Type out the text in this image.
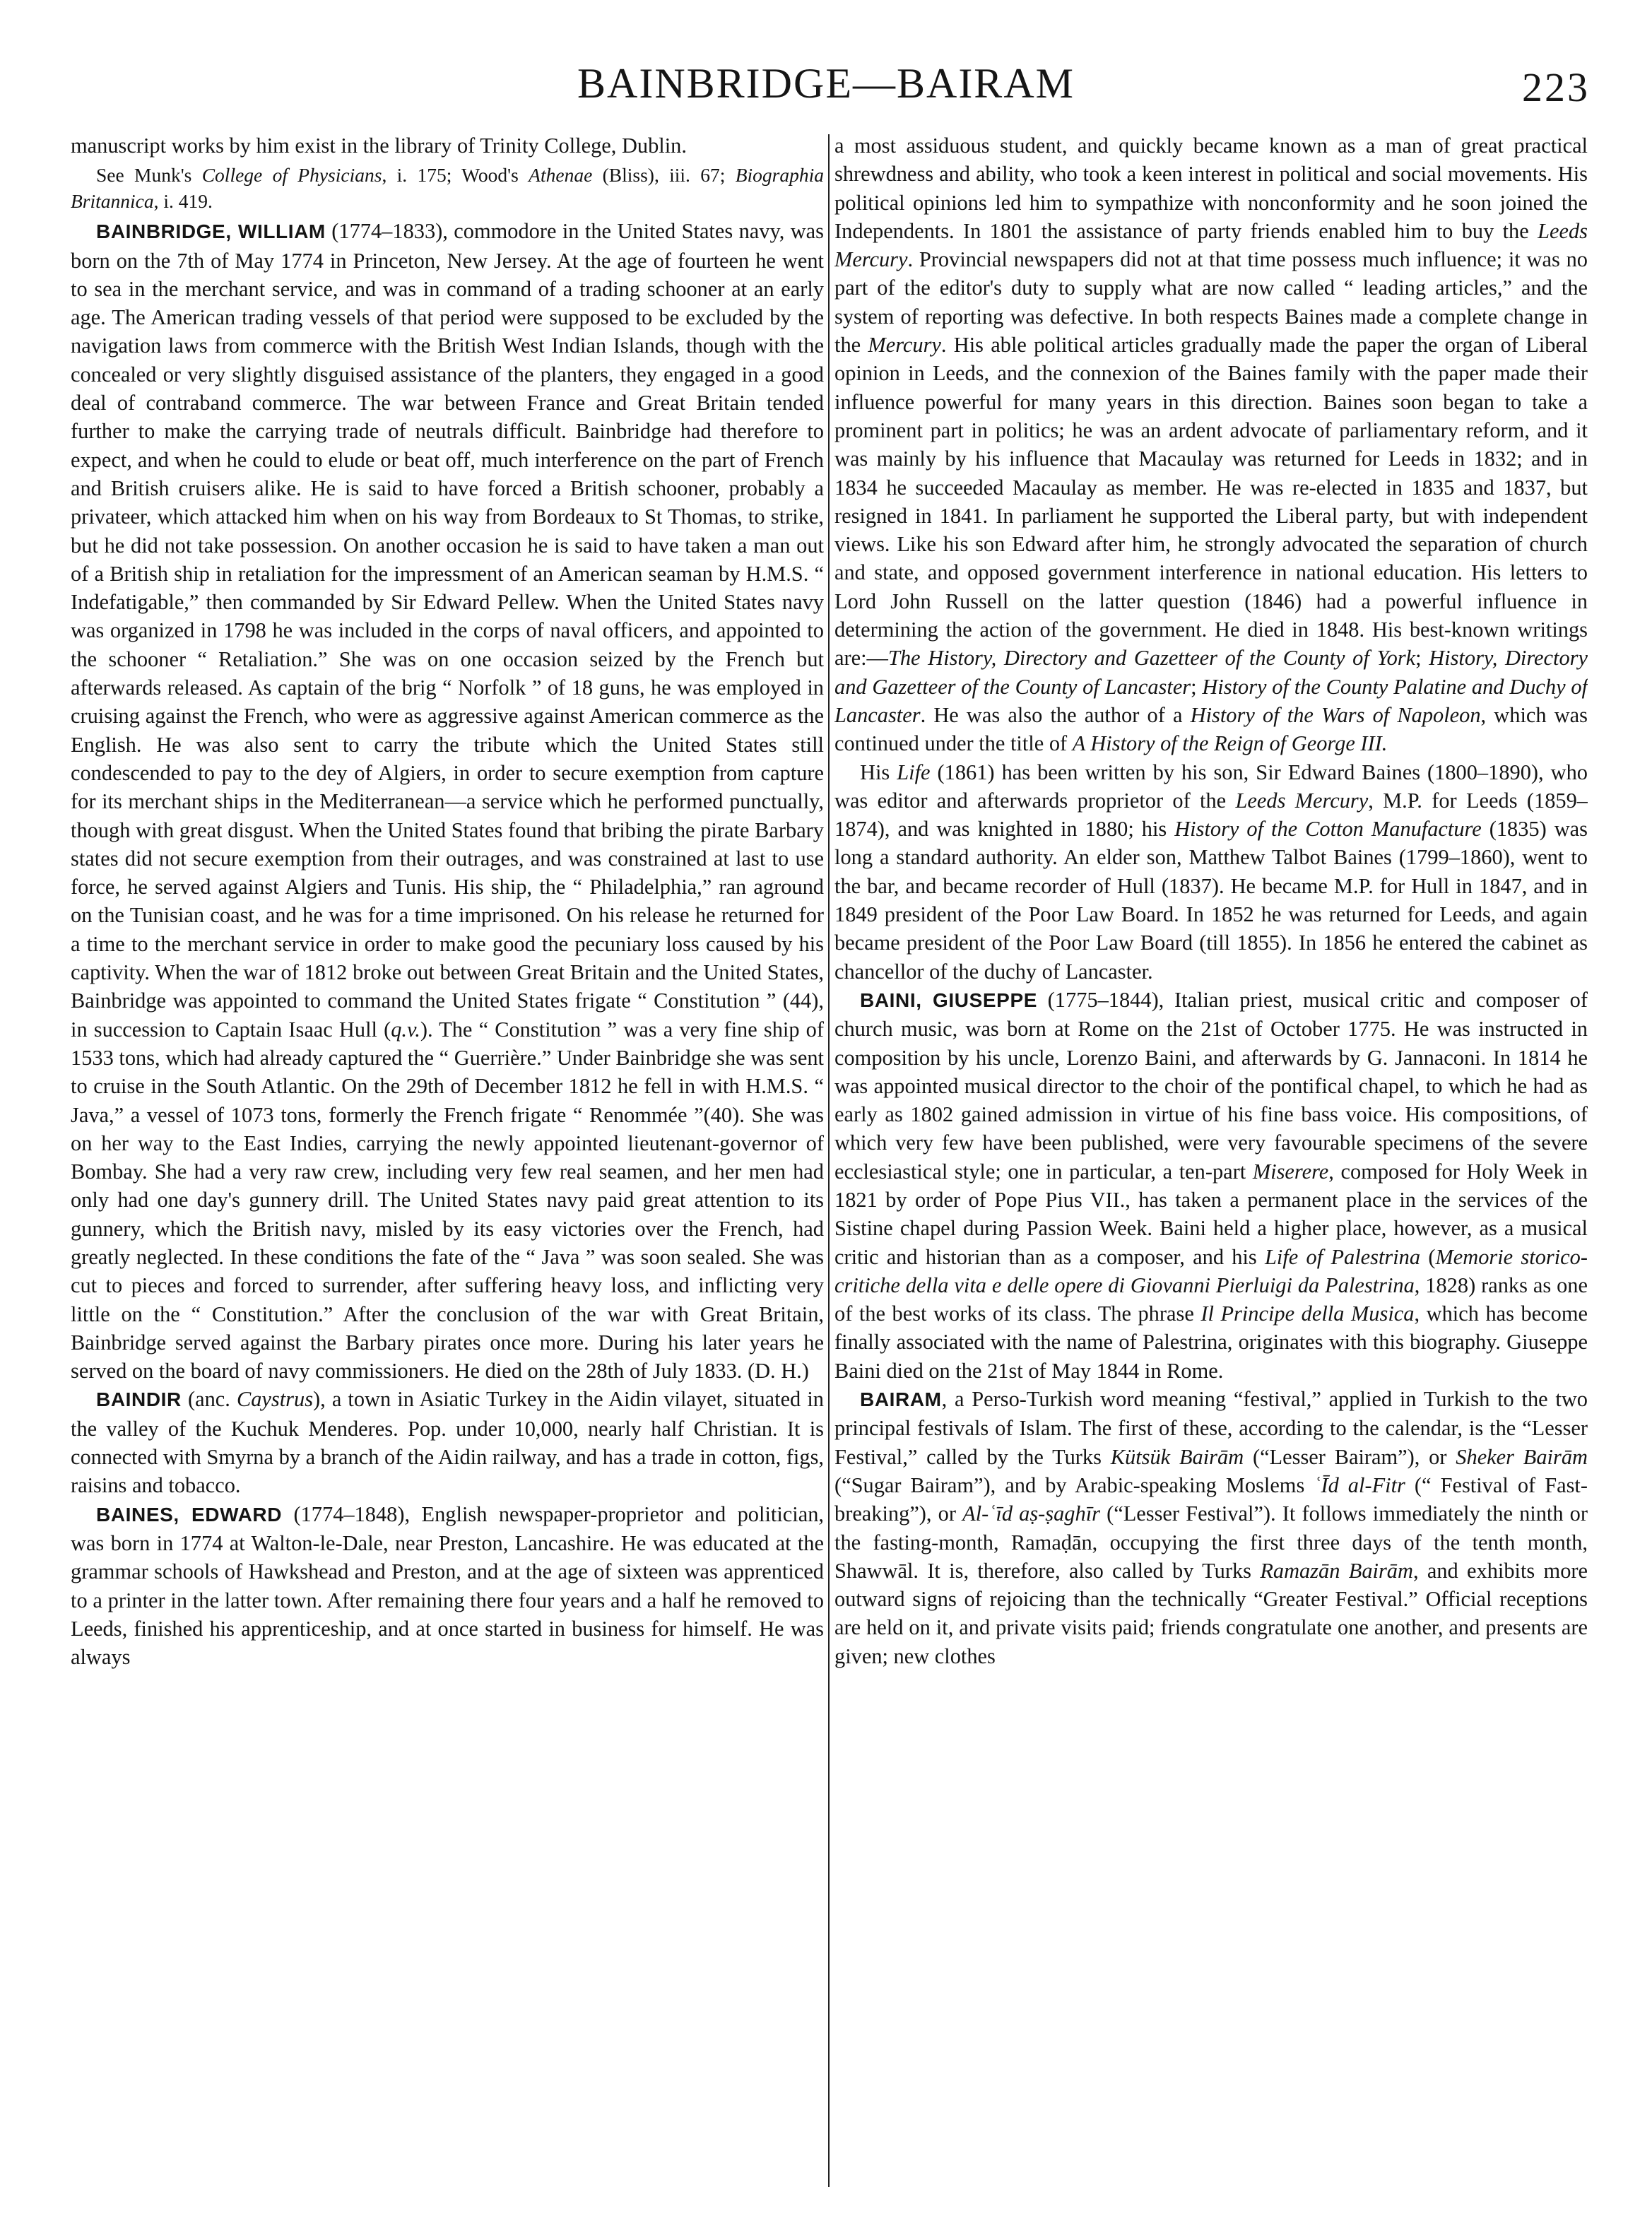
BAINBRIDGE—BAIRAM	223

manuscript works by him exist in the library of Trinity College, Dublin.

See Munk's College of Physicians, i. 175; Wood's Athenae (Bliss), iii. 67; Biographia Britannica, i. 419.

BAINBRIDGE, WILLIAM (1774–1833), commodore in the United States navy, was born on the 7th of May 1774 in Princeton, New Jersey. At the age of fourteen he went to sea in the merchant service, and was in command of a trading schooner at an early age. The American trading vessels of that period were supposed to be excluded by the navigation laws from commerce with the British West Indian Islands, though with the concealed or very slightly disguised assistance of the planters, they engaged in a good deal of contraband commerce. The war between France and Great Britain tended further to make the carrying trade of neutrals difficult. Bainbridge had therefore to expect, and when he could to elude or beat off, much interference on the part of French and British cruisers alike. He is said to have forced a British schooner, probably a privateer, which attacked him when on his way from Bordeaux to St Thomas, to strike, but he did not take possession. On another occasion he is said to have taken a man out of a British ship in retaliation for the impressment of an American seaman by H.M.S. “ Indefatigable,” then commanded by Sir Edward Pellew. When the United States navy was organized in 1798 he was included in the corps of naval officers, and appointed to the schooner “ Retaliation.” She was on one occasion seized by the French but afterwards released. As captain of the brig “ Norfolk ” of 18 guns, he was employed in cruising against the French, who were as aggressive against American commerce as the English. He was also sent to carry the tribute which the United States still condescended to pay to the dey of Algiers, in order to secure exemption from capture for its merchant ships in the Mediterranean—a service which he performed punctually, though with great disgust. When the United States found that bribing the pirate Barbary states did not secure exemption from their outrages, and was constrained at last to use force, he served against Algiers and Tunis. His ship, the “ Philadelphia,” ran aground on the Tunisian coast, and he was for a time imprisoned. On his release he returned for a time to the merchant service in order to make good the pecuniary loss caused by his captivity. When the war of 1812 broke out between Great Britain and the United States, Bainbridge was appointed to command the United States frigate “ Constitution ” (44), in succession to Captain Isaac Hull (q.v.). The “ Constitution ” was a very fine ship of 1533 tons, which had already captured the “ Guerrière.” Under Bainbridge she was sent to cruise in the South Atlantic. On the 29th of December 1812 he fell in with H.M.S. “ Java,” a vessel of 1073 tons, formerly the French frigate “ Renommée ”(40). She was on her way to the East Indies, carrying the newly appointed lieutenant-governor of Bombay. She had a very raw crew, including very few real seamen, and her men had only had one day's gunnery drill. The United States navy paid great attention to its gunnery, which the British navy, misled by its easy victories over the French, had greatly neglected. In these conditions the fate of the “ Java ” was soon sealed. She was cut to pieces and forced to surrender, after suffering heavy loss, and inflicting very little on the “ Constitution.” After the conclusion of the war with Great Britain, Bainbridge served against the Barbary pirates once more. During his later years he served on the board of navy commissioners. He died on the 28th of July 1833. (D. H.)

BAINDIR (anc. Caystrus), a town in Asiatic Turkey in the Aidin vilayet, situated in the valley of the Kuchuk Menderes. Pop. under 10,000, nearly half Christian. It is connected with Smyrna by a branch of the Aidin railway, and has a trade in cotton, figs, raisins and tobacco.

BAINES, EDWARD (1774–1848), English newspaper-proprietor and politician, was born in 1774 at Walton-le-Dale, near Preston, Lancashire. He was educated at the grammar schools of Hawkshead and Preston, and at the age of sixteen was apprenticed to a printer in the latter town. After remaining there four years and a half he removed to Leeds, finished his apprenticeship, and at once started in business for himself. He was always

a most assiduous student, and quickly became known as a man of great practical shrewdness and ability, who took a keen interest in political and social movements. His political opinions led him to sympathize with nonconformity and he soon joined the Independents. In 1801 the assistance of party friends enabled him to buy the Leeds Mercury. Provincial newspapers did not at that time possess much influence; it was no part of the editor's duty to supply what are now called “ leading articles,” and the system of reporting was defective. In both respects Baines made a complete change in the Mercury. His able political articles gradually made the paper the organ of Liberal opinion in Leeds, and the connexion of the Baines family with the paper made their influence powerful for many years in this direction. Baines soon began to take a prominent part in politics; he was an ardent advocate of parliamentary reform, and it was mainly by his influence that Macaulay was returned for Leeds in 1832; and in 1834 he succeeded Macaulay as member. He was re-elected in 1835 and 1837, but resigned in 1841. In parliament he supported the Liberal party, but with independent views. Like his son Edward after him, he strongly advocated the separation of church and state, and opposed government interference in national education. His letters to Lord John Russell on the latter question (1846) had a powerful influence in determining the action of the government. He died in 1848. His best-known writings are:—The History, Directory and Gazetteer of the County of York; History, Directory and Gazetteer of the County of Lancaster; History of the County Palatine and Duchy of Lancaster. He was also the author of a History of the Wars of Napoleon, which was continued under the title of A History of the Reign of George III.

His Life (1861) has been written by his son, Sir Edward Baines (1800–1890), who was editor and afterwards proprietor of the Leeds Mercury, M.P. for Leeds (1859–1874), and was knighted in 1880; his History of the Cotton Manufacture (1835) was long a standard authority. An elder son, Matthew Talbot Baines (1799–1860), went to the bar, and became recorder of Hull (1837). He became M.P. for Hull in 1847, and in 1849 president of the Poor Law Board. In 1852 he was returned for Leeds, and again became president of the Poor Law Board (till 1855). In 1856 he entered the cabinet as chancellor of the duchy of Lancaster.

BAINI, GIUSEPPE (1775–1844), Italian priest, musical critic and composer of church music, was born at Rome on the 21st of October 1775. He was instructed in composition by his uncle, Lorenzo Baini, and afterwards by G. Jannaconi. In 1814 he was appointed musical director to the choir of the pontifical chapel, to which he had as early as 1802 gained admission in virtue of his fine bass voice. His compositions, of which very few have been published, were very favourable specimens of the severe ecclesiastical style; one in particular, a ten-part Miserere, composed for Holy Week in 1821 by order of Pope Pius VII., has taken a permanent place in the services of the Sistine chapel during Passion Week. Baini held a higher place, however, as a musical critic and historian than as a composer, and his Life of Palestrina (Memorie storico-critiche della vita e delle opere di Giovanni Pierluigi da Palestrina, 1828) ranks as one of the best works of its class. The phrase Il Principe della Musica, which has become finally associated with the name of Palestrina, originates with this biography. Giuseppe Baini died on the 21st of May 1844 in Rome.

BAIRAM, a Perso-Turkish word meaning “festival,” applied in Turkish to the two principal festivals of Islam. The first of these, according to the calendar, is the “Lesser Festival,” called by the Turks Kütsük Bairām (“Lesser Bairam”), or Sheker Bairām (“Sugar Bairam”), and by Arabic-speaking Moslems ʿĪd al-Fitr (“ Festival of Fast-breaking”), or Al-ʿīd aṣ-ṣaghīr (“Lesser Festival”). It follows immediately the ninth or the fasting-month, Ramaḍān, occupying the first three days of the tenth month, Shawwāl. It is, therefore, also called by Turks Ramazān Bairām, and exhibits more outward signs of rejoicing than the technically “Greater Festival.” Official receptions are held on it, and private visits paid; friends congratulate one another, and presents are given; new clothes
